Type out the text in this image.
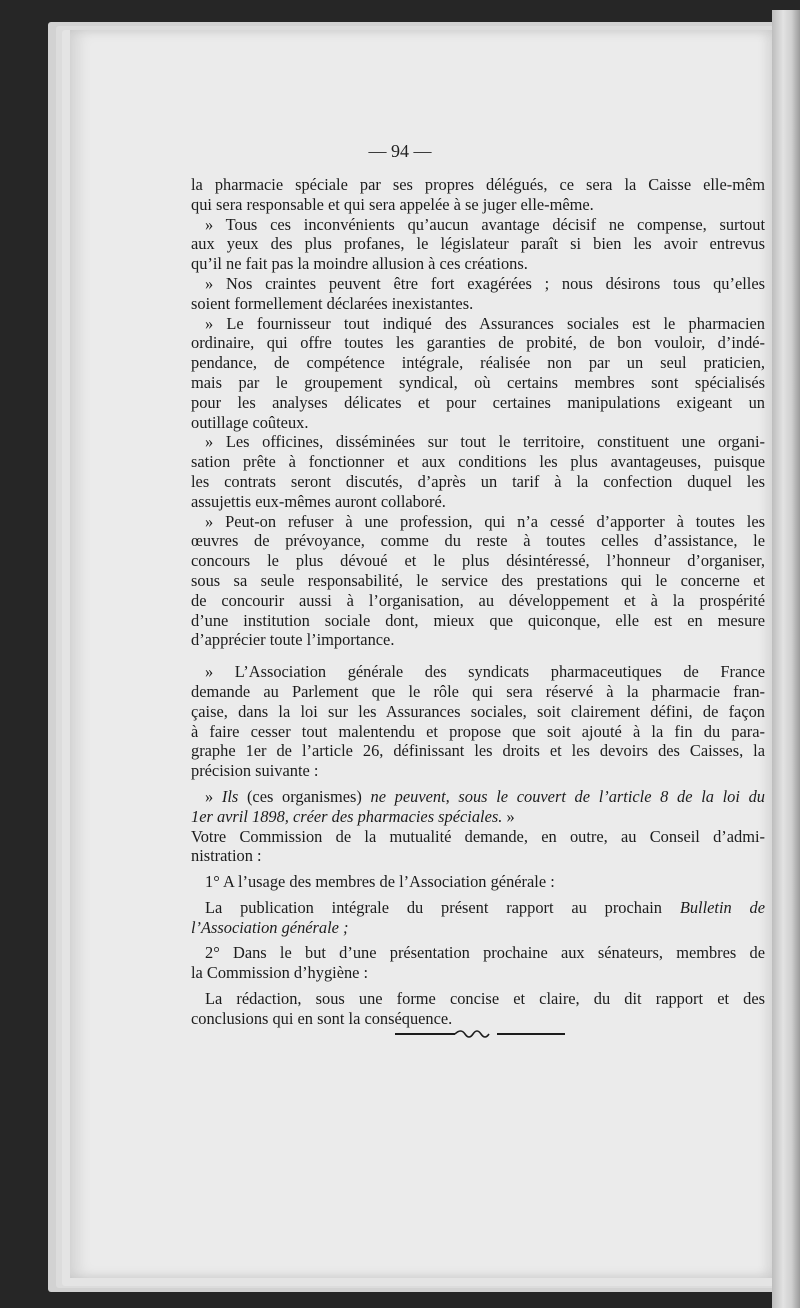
— 94 —
la pharmacie spéciale par ses propres délégués, ce sera la Caisse elle-mêm
qui sera responsable et qui sera appelée à se juger elle-même.
» Tous ces inconvénients qu’aucun avantage décisif ne compense, surtout
aux yeux des plus profanes, le législateur paraît si bien les avoir entrevus
qu’il ne fait pas la moindre allusion à ces créations.
» Nos craintes peuvent être fort exagérées ; nous désirons tous qu’elles
soient formellement déclarées inexistantes.
» Le fournisseur tout indiqué des Assurances sociales est le pharmacien
ordinaire, qui offre toutes les garanties de probité, de bon vouloir, d’indé-
pendance, de compétence intégrale, réalisée non par un seul praticien,
mais par le groupement syndical, où certains membres sont spécialisés
pour les analyses délicates et pour certaines manipulations exigeant un
outillage coûteux.
» Les officines, disséminées sur tout le territoire, constituent une organi-
sation prête à fonctionner et aux conditions les plus avantageuses, puisque
les contrats seront discutés, d’après un tarif à la confection duquel les
assujettis eux-mêmes auront collaboré.
» Peut-on refuser à une profession, qui n’a cessé d’apporter à toutes les
œuvres de prévoyance, comme du reste à toutes celles d’assistance, le
concours le plus dévoué et le plus désintéressé, l’honneur d’organiser,
sous sa seule responsabilité, le service des prestations qui le concerne et
de concourir aussi à l’organisation, au développement et à la prospérité
d’une institution sociale dont, mieux que quiconque, elle est en mesure
d’apprécier toute l’importance.
» L’Association générale des syndicats pharmaceutiques de France
demande au Parlement que le rôle qui sera réservé à la pharmacie fran-
çaise, dans la loi sur les Assurances sociales, soit clairement défini, de façon
à faire cesser tout malentendu et propose que soit ajouté à la fin du para-
graphe 1er de l’article 26, définissant les droits et les devoirs des Caisses, la
précision suivante :
» Ils (ces organismes) ne peuvent, sous le couvert de l’article 8 de la loi du
1er avril 1898, créer des pharmacies spéciales. »
Votre Commission de la mutualité demande, en outre, au Conseil d’admi-
nistration :
1° A l’usage des membres de l’Association générale :
La publication intégrale du présent rapport au prochain Bulletin de
l’Association générale ;
2° Dans le but d’une présentation prochaine aux sénateurs, membres de
la Commission d’hygiène :
La rédaction, sous une forme concise et claire, du dit rapport et des
conclusions qui en sont la conséquence.
